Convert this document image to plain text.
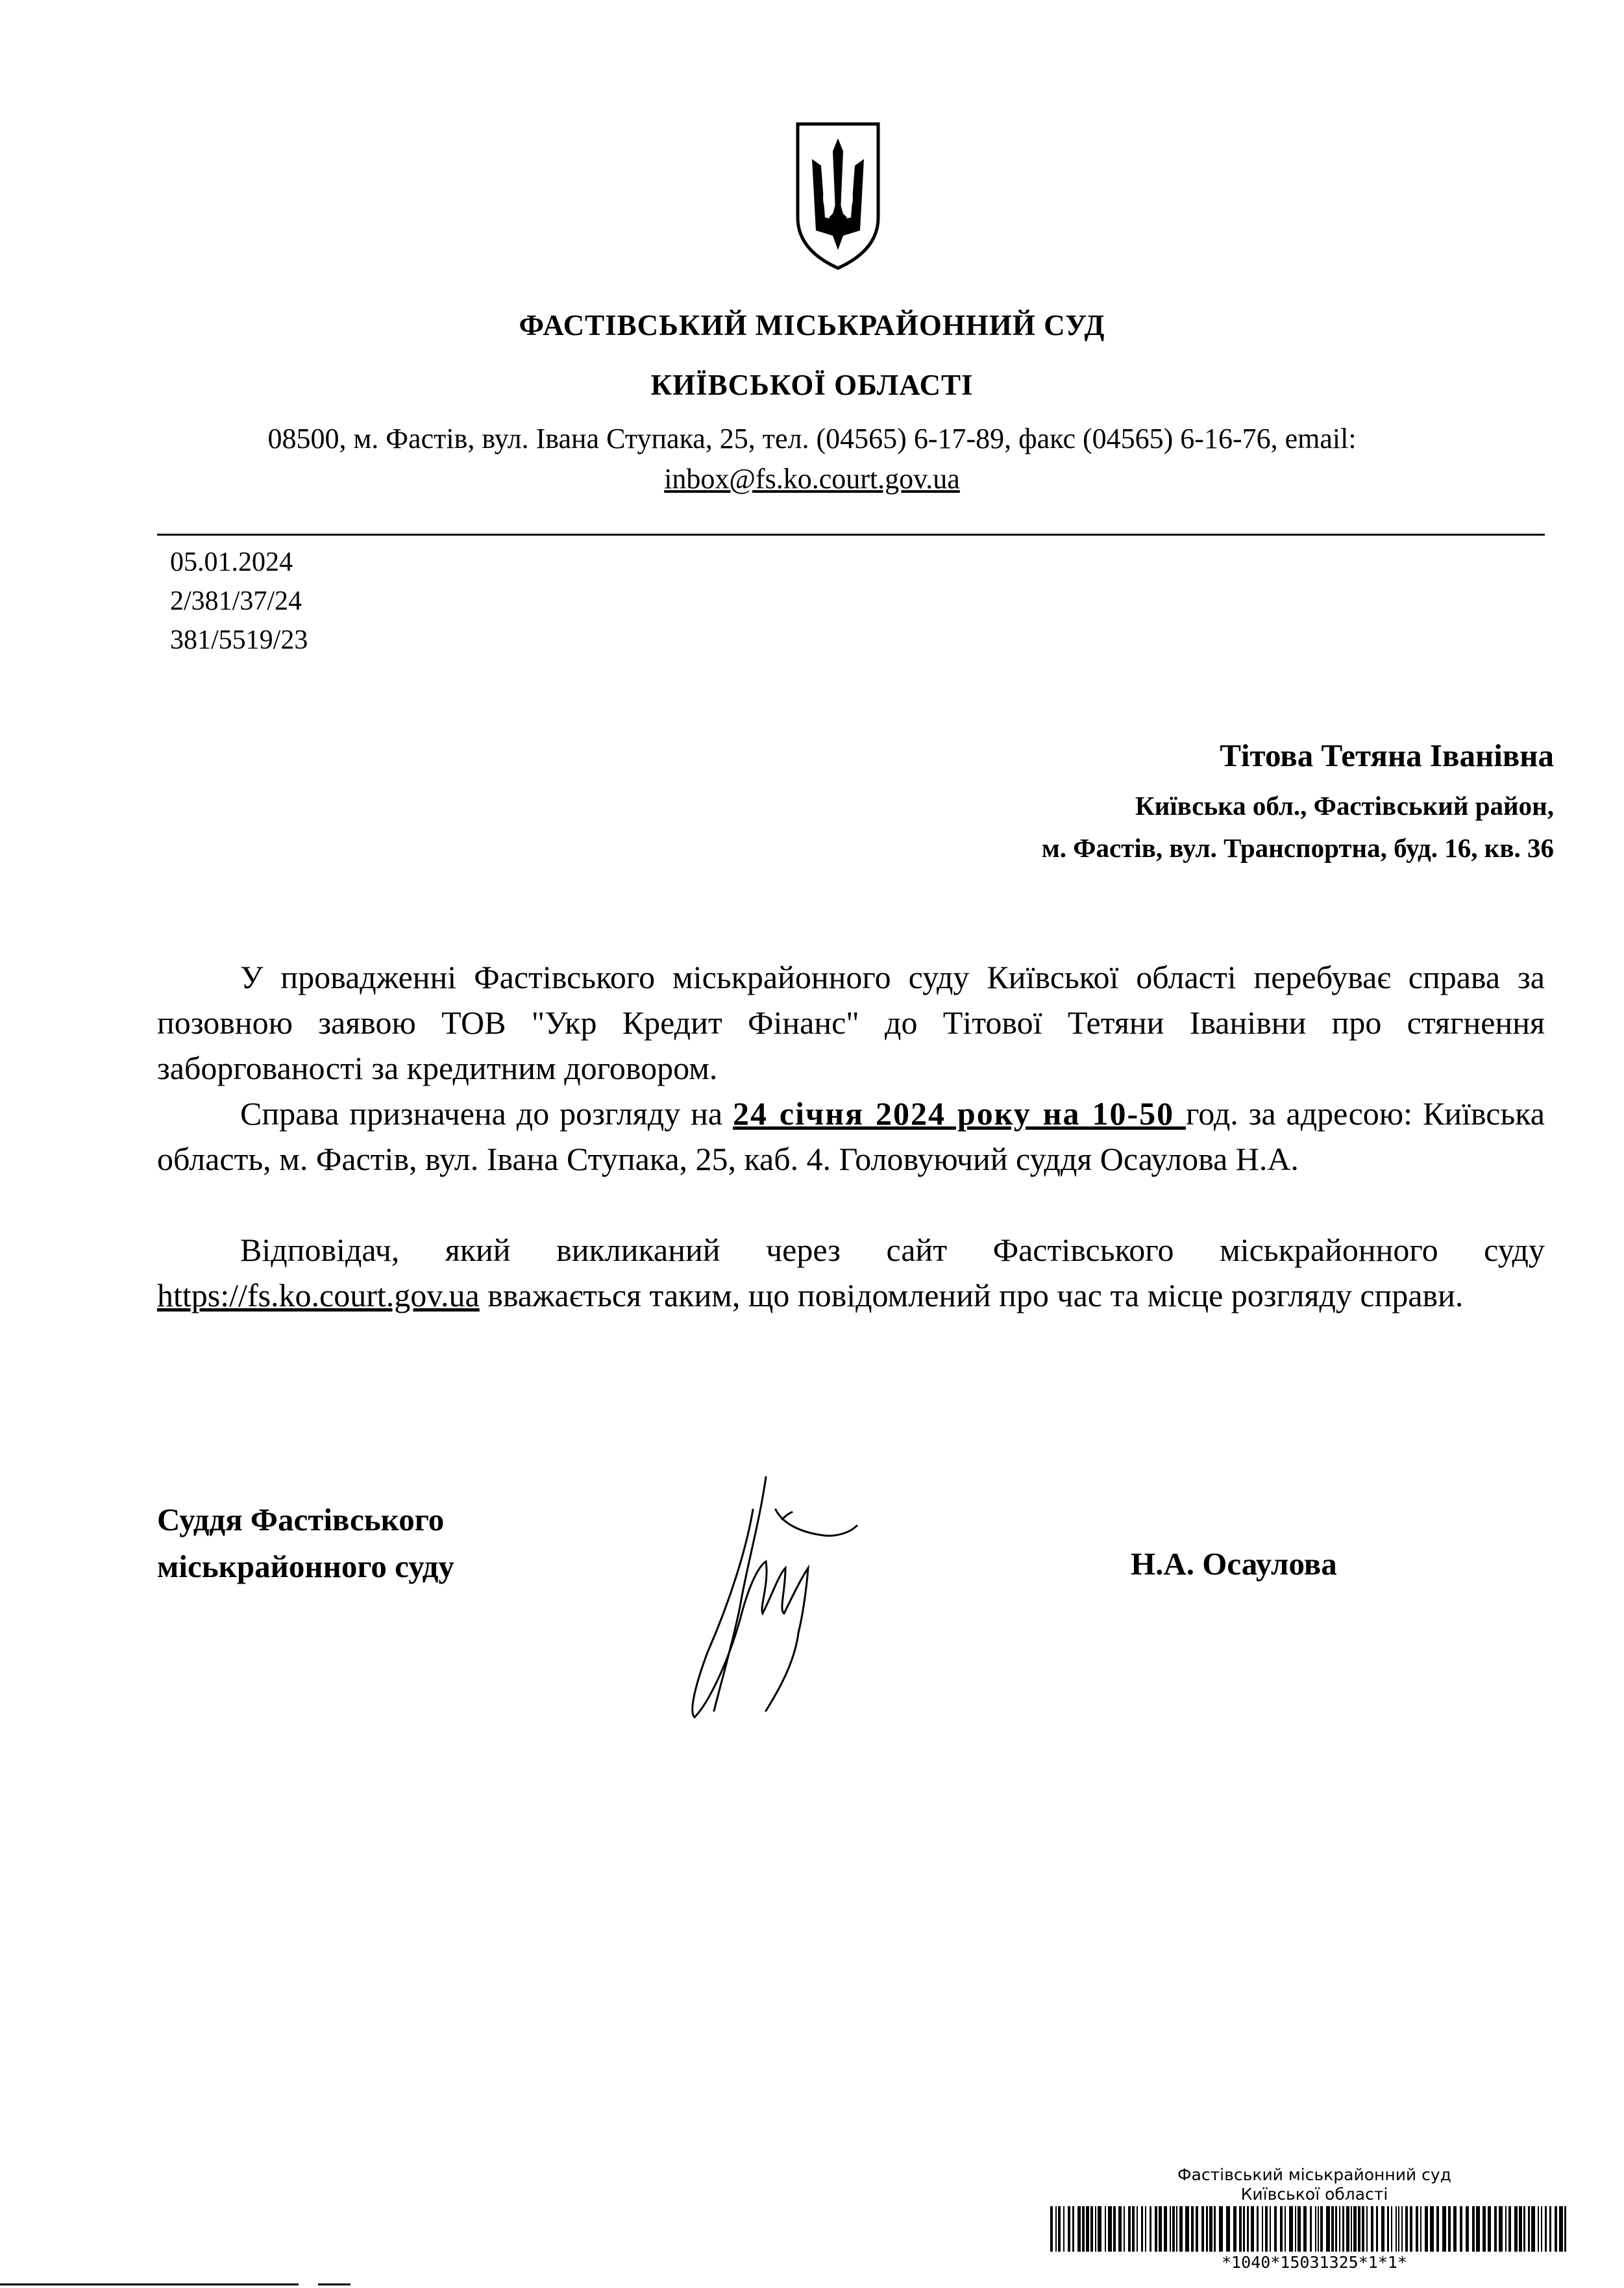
ФАСТІВСЬКИЙ МІСЬКРАЙОННИЙ СУД
КИЇВСЬКОЇ ОБЛАСТІ
08500, м. Фастів, вул. Івана Ступака, 25, тел. (04565) 6-17-89, факс (04565) 6-16-76, email:
inbox@fs.ko.court.gov.ua
05.01.2024
2/381/37/24
381/5519/23
Тітова Тетяна Іванівна
Київська обл., Фастівський район,
м. Фастів, вул. Транспортна, буд. 16, кв. 36
У провадженні Фастівського міськрайонного суду Київської області перебуває справа за позовною заявою ТОВ "Укр Кредит Фінанс" до Тітової Тетяни Іванівни про стягнення заборгованості за кредитним договором.
Справа призначена до розгляду на 24 січня 2024 року на 10-50 год. за адресою: Київська область, м. Фастів, вул. Івана Ступака, 25, каб. 4. Головуючий суддя Осаулова Н.А.
Відповідач, який викликаний через сайт Фастівського міськрайонного суду https://fs.ko.court.gov.ua вважається таким, що повідомлений про час та місце розгляду справи.
Суддя Фастівського
міськрайонного суду	Н.А. Осаулова
Фастівський міськрайонний суд
Київської області
*1040*15031325*1*1*
